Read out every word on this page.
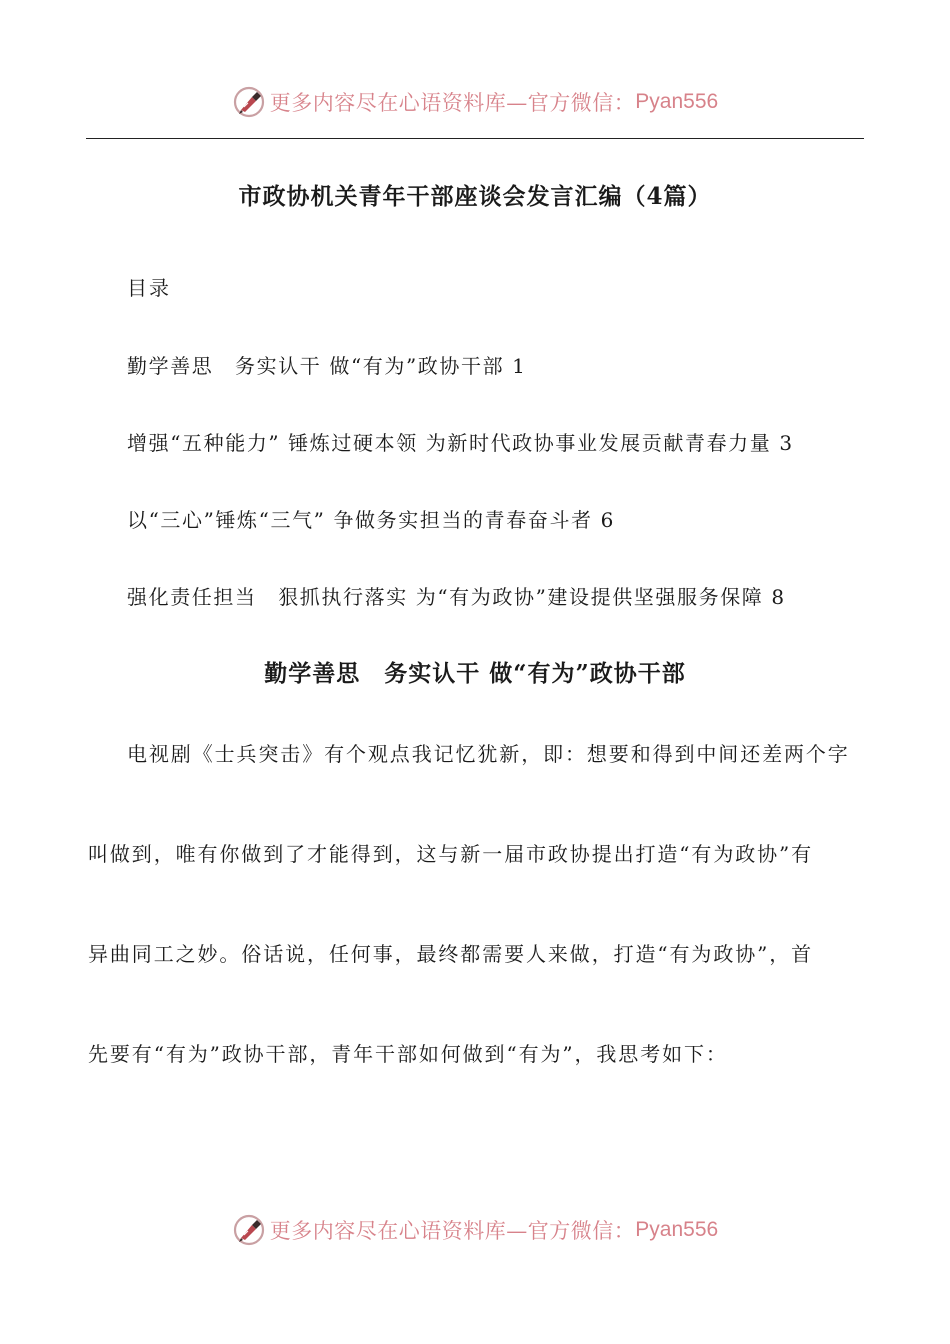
更多内容尽在心语资料库—官方微信： Pyan556
市政协机关青年干部座谈会发言汇编（4篇）
目录
勤学善思　务实认干 做“有为”政协干部 1
增强“五种能力” 锤炼过硬本领 为新时代政协事业发展贡献青春力量 3
以“三心”锤炼“三气” 争做务实担当的青春奋斗者 6
强化责任担当　狠抓执行落实 为“有为政协”建设提供坚强服务保障 8
勤学善思　务实认干 做“有为”政协干部
电视剧《士兵突击》有个观点我记忆犹新，即：想要和得到中间还差两个字
叫做到，唯有你做到了才能得到，这与新一届市政协提出打造“有为政协”有
异曲同工之妙。俗话说，任何事，最终都需要人来做，打造“有为政协”，首
先要有“有为”政协干部，青年干部如何做到“有为”，我思考如下：
更多内容尽在心语资料库—官方微信： Pyan556
